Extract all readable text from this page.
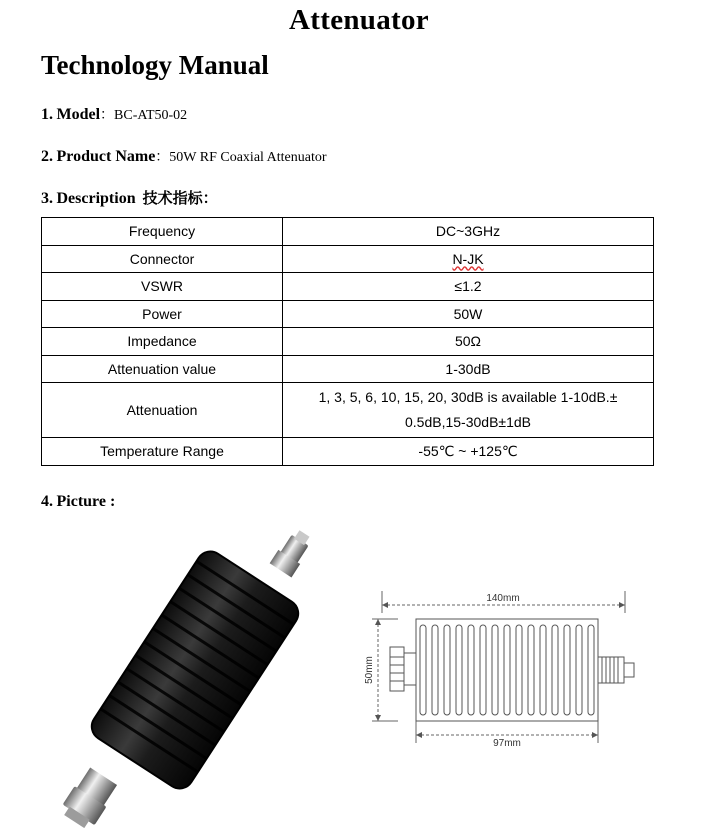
Attenuator
Technology Manual
1. Model：BC-AT50-02
2. Product Name：50W RF Coaxial Attenuator
3. Description 技术指标：
Frequency	DC~3GHz
Connector	N-JK
VSWR	≤1.2
Power	50W
Impedance	50Ω
Attenuation value	1-30dB
Attenuation	1, 3, 5, 6, 10, 15, 20, 30dB is available 1-10dB.±
0.5dB,15-30dB±1dB

Temperature Range	-55℃ ~ +125℃
4. Picture :
140mm
97mm
50mm
